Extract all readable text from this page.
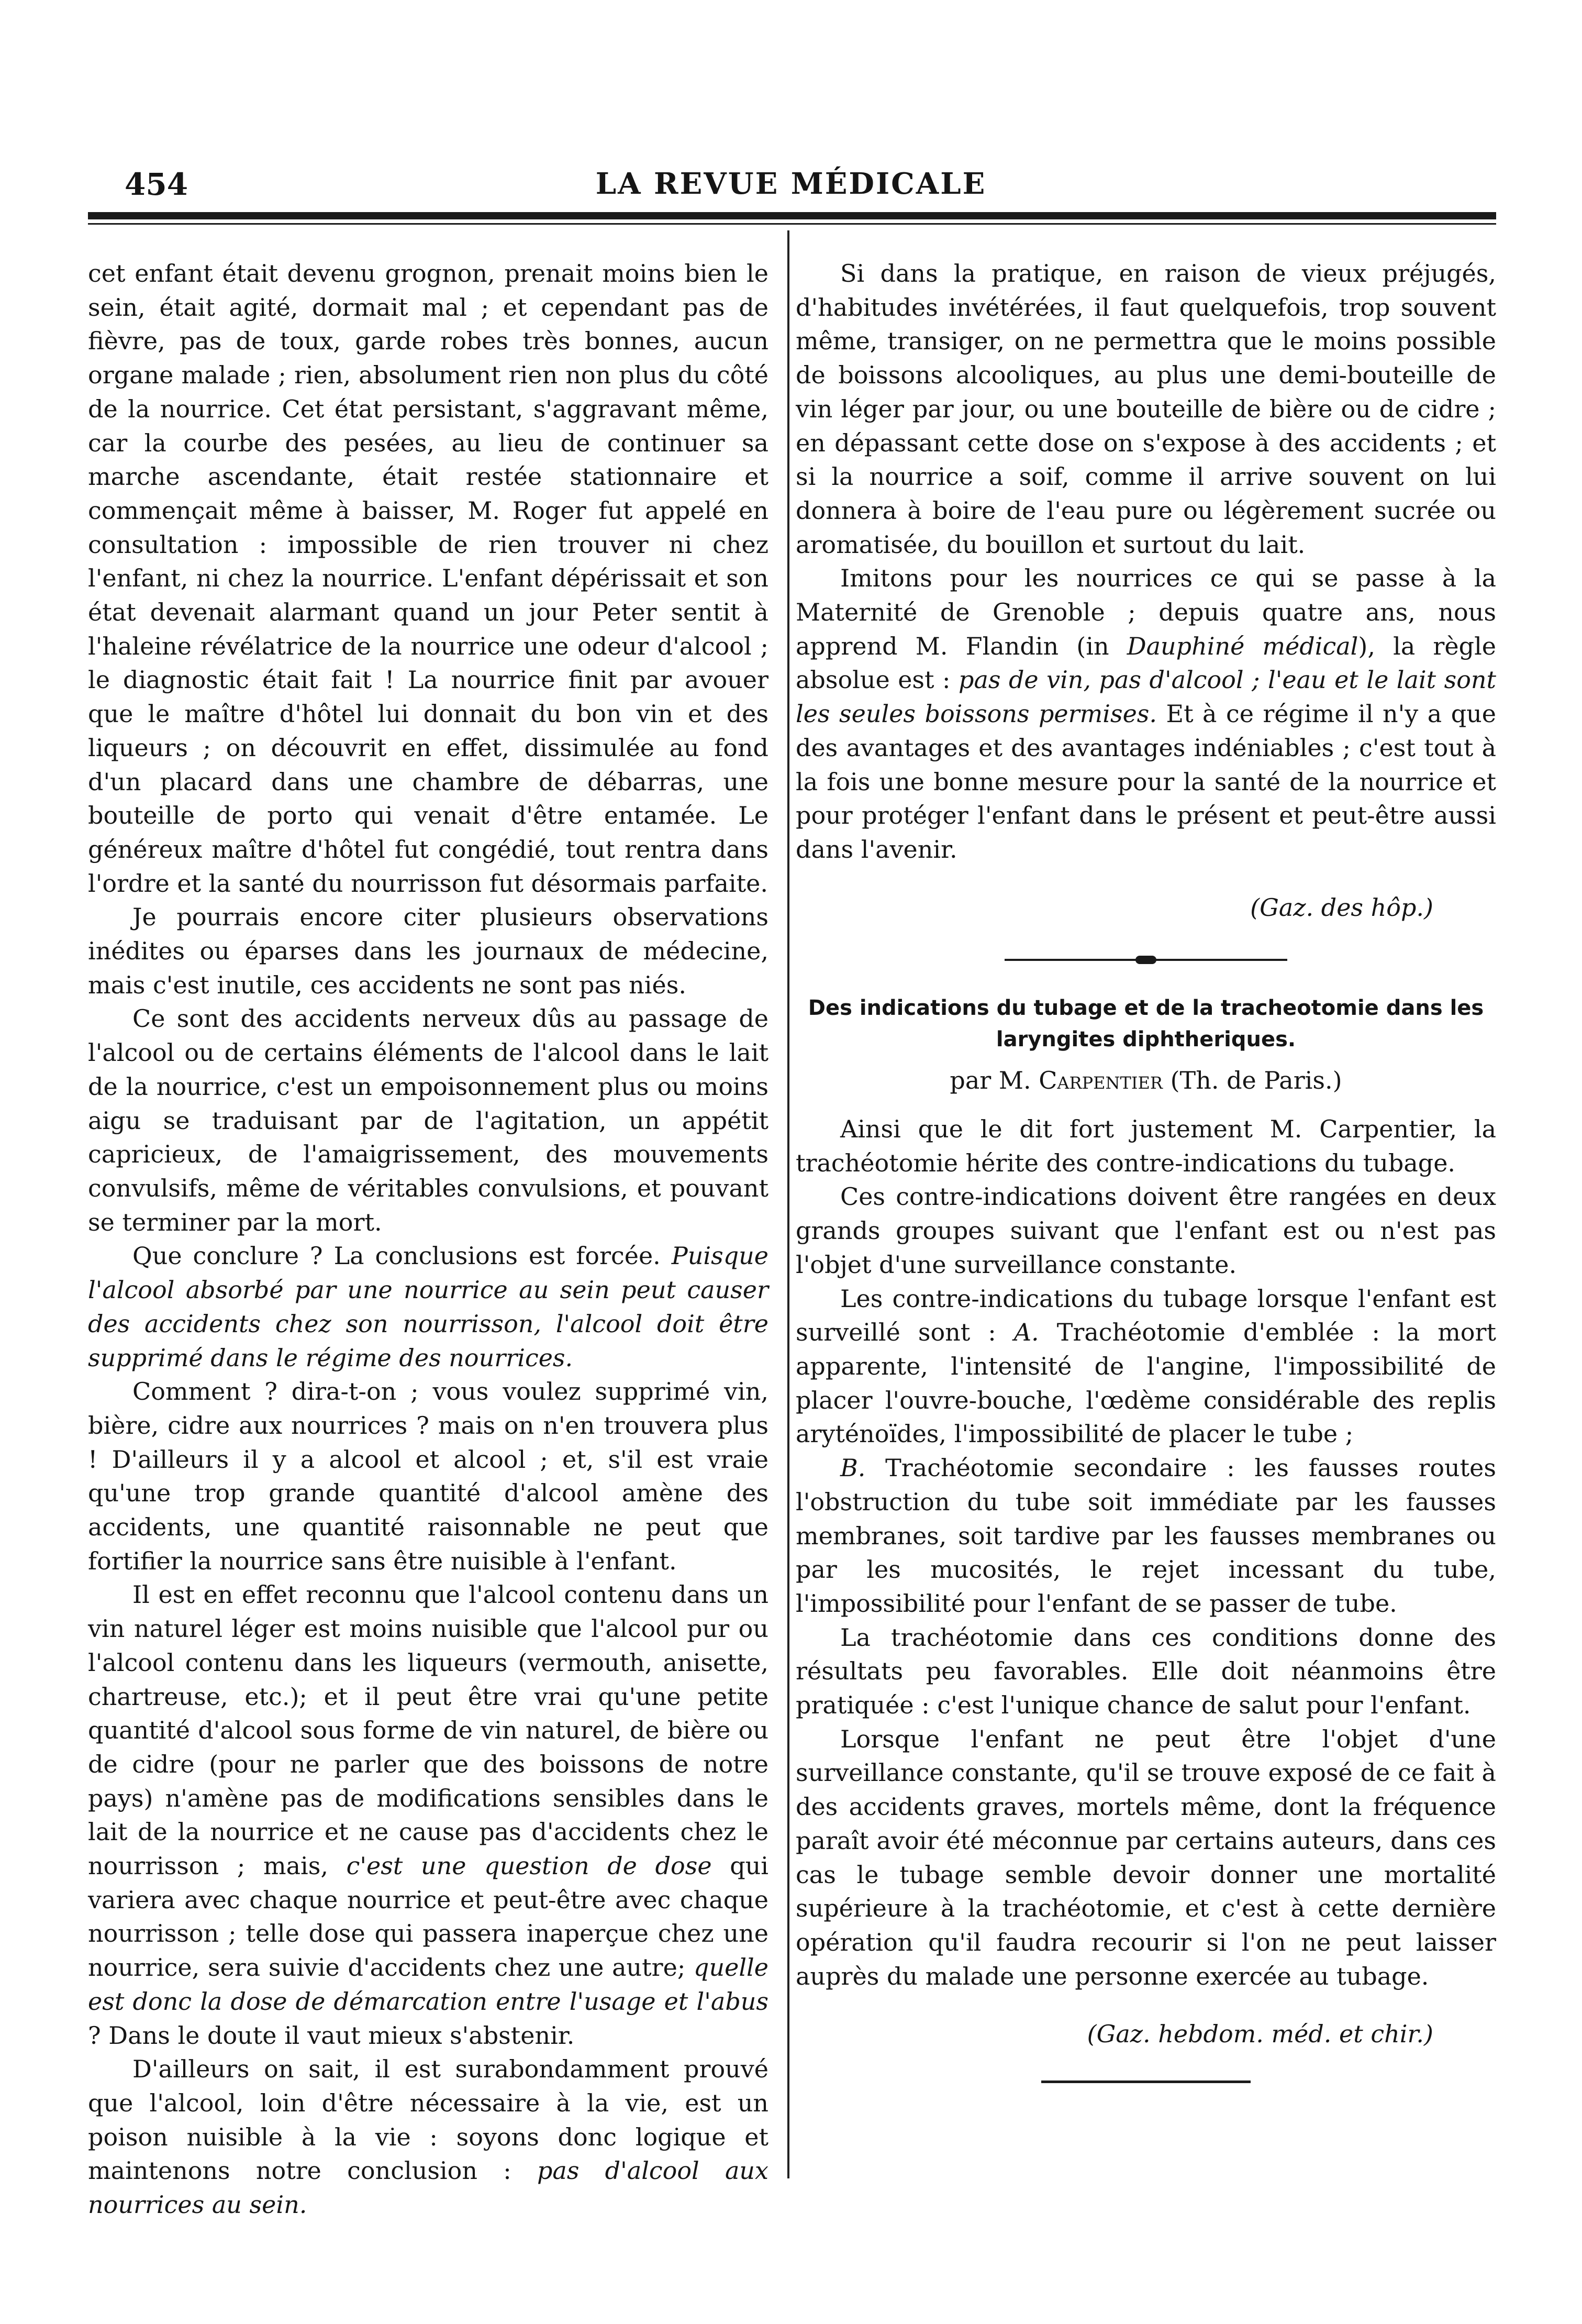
454	LA REVUE MÉDICALE

cet enfant était devenu grognon, prenait moins bien le sein, était agité, dormait mal ; et cependant pas de fièvre, pas de toux, garde robes très bonnes, aucun organe malade ; rien, absolument rien non plus du côté de la nourrice. Cet état persistant, s'aggravant même, car la courbe des pesées, au lieu de continuer sa marche ascendante, était restée stationnaire et commençait même à baisser, M. Roger fut appelé en consultation : impossible de rien trouver ni chez l'enfant, ni chez la nourrice. L'enfant dépérissait et son état devenait alarmant quand un jour Peter sentit à l'haleine révélatrice de la nourrice une odeur d'alcool ; le diagnostic était fait ! La nourrice finit par avouer que le maître d'hôtel lui donnait du bon vin et des liqueurs ; on découvrit en effet, dissimulée au fond d'un placard dans une chambre de débarras, une bouteille de porto qui venait d'être entamée. Le généreux maître d'hôtel fut congédié, tout rentra dans l'ordre et la santé du nourrisson fut désormais parfaite.

Je pourrais encore citer plusieurs observations inédites ou éparses dans les journaux de médecine, mais c'est inutile, ces accidents ne sont pas niés.

Ce sont des accidents nerveux dûs au passage de l'alcool ou de certains éléments de l'alcool dans le lait de la nourrice, c'est un empoisonnement plus ou moins aigu se traduisant par de l'agitation, un appétit capricieux, de l'amaigrissement, des mouvements convulsifs, même de véritables convulsions, et pouvant se terminer par la mort.

Que conclure ? La conclusions est forcée. Puisque l'alcool absorbé par une nourrice au sein peut causer des accidents chez son nourrisson, l'alcool doit être supprimé dans le régime des nourrices.

Comment ? dira-t-on ; vous voulez supprimé vin, bière, cidre aux nourrices ? mais on n'en trouvera plus ! D'ailleurs il y a alcool et alcool ; et, s'il est vraie qu'une trop grande quantité d'alcool amène des accidents, une quantité raisonnable ne peut que fortifier la nourrice sans être nuisible à l'enfant.

Il est en effet reconnu que l'alcool contenu dans un vin naturel léger est moins nuisible que l'alcool pur ou l'alcool contenu dans les liqueurs (vermouth, anisette, chartreuse, etc.); et il peut être vrai qu'une petite quantité d'alcool sous forme de vin naturel, de bière ou de cidre (pour ne parler que des boissons de notre pays) n'amène pas de modifications sensibles dans le lait de la nourrice et ne cause pas d'accidents chez le nourrisson ; mais, c'est une question de dose qui variera avec chaque nourrice et peut-être avec chaque nourrisson ; telle dose qui passera inaperçue chez une nourrice, sera suivie d'accidents chez une autre; quelle est donc la dose de démarcation entre l'usage et l'abus ? Dans le doute il vaut mieux s'abstenir.

D'ailleurs on sait, il est surabondamment prouvé que l'alcool, loin d'être nécessaire à la vie, est un poison nuisible à la vie : soyons donc logique et maintenons notre conclusion : pas d'alcool aux nourrices au sein.

Si dans la pratique, en raison de vieux préjugés, d'habitudes invétérées, il faut quelquefois, trop souvent même, transiger, on ne permettra que le moins possible de boissons alcooliques, au plus une demi-bouteille de vin léger par jour, ou une bouteille de bière ou de cidre ; en dépassant cette dose on s'expose à des accidents ; et si la nourrice a soif, comme il arrive souvent on lui donnera à boire de l'eau pure ou légèrement sucrée ou aromatisée, du bouillon et surtout du lait.

Imitons pour les nourrices ce qui se passe à la Maternité de Grenoble ; depuis quatre ans, nous apprend M. Flandin (in Dauphiné médical), la règle absolue est : pas de vin, pas d'alcool ; l'eau et le lait sont les seules boissons permises. Et à ce régime il n'y a que des avantages et des avantages indéniables ; c'est tout à la fois une bonne mesure pour la santé de la nourrice et pour protéger l'enfant dans le présent et peut-être aussi dans l'avenir.

(Gaz. des hôp.)

Des indications du tubage et de la tracheotomie dans les laryngites diphtheriques.

par M. Carpentier (Th. de Paris.)

Ainsi que le dit fort justement M. Carpentier, la trachéotomie hérite des contre-indications du tubage.

Ces contre-indications doivent être rangées en deux grands groupes suivant que l'enfant est ou n'est pas l'objet d'une surveillance constante.

Les contre-indications du tubage lorsque l'enfant est surveillé sont : A. Trachéotomie d'emblée : la mort apparente, l'intensité de l'angine, l'impossibilité de placer l'ouvre-bouche, l'œdème considérable des replis aryténoïdes, l'impossibilité de placer le tube ;

B. Trachéotomie secondaire : les fausses routes l'obstruction du tube soit immédiate par les fausses membranes, soit tardive par les fausses membranes ou par les mucosités, le rejet incessant du tube, l'impossibilité pour l'enfant de se passer de tube.

La trachéotomie dans ces conditions donne des résultats peu favorables. Elle doit néanmoins être pratiquée : c'est l'unique chance de salut pour l'enfant.

Lorsque l'enfant ne peut être l'objet d'une surveillance constante, qu'il se trouve exposé de ce fait à des accidents graves, mortels même, dont la fréquence paraît avoir été méconnue par certains auteurs, dans ces cas le tubage semble devoir donner une mortalité supérieure à la trachéotomie, et c'est à cette dernière opération qu'il faudra recourir si l'on ne peut laisser auprès du malade une personne exercée au tubage.

(Gaz. hebdom. méd. et chir.)
